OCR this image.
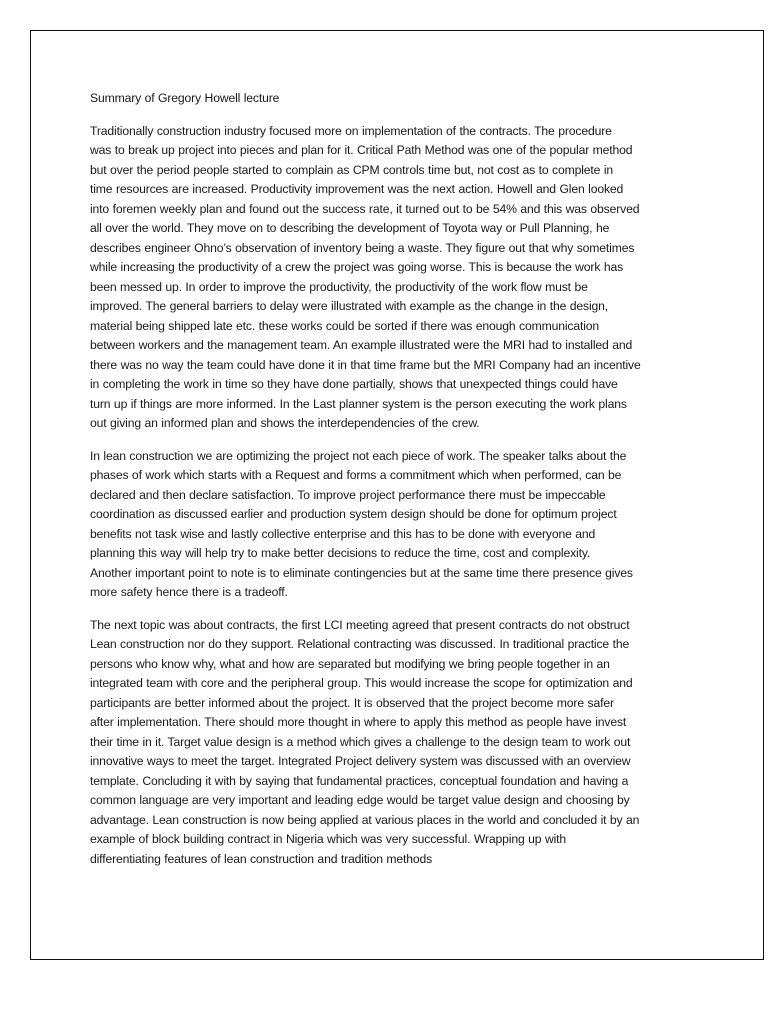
Summary of Gregory Howell lecture
Traditionally construction industry focused more on implementation of the contracts. The procedure
was to break up project into pieces and plan for it. Critical Path Method was one of the popular method
but over the period people started to complain as CPM controls time but, not cost as to complete in
time resources are increased. Productivity improvement was the next action. Howell and Glen looked
into foremen weekly plan and found out the success rate, it turned out to be 54% and this was observed
all over the world. They move on to describing the development of Toyota way or Pull Planning, he
describes engineer Ohno’s observation of inventory being a waste. They figure out that why sometimes
while increasing the productivity of a crew the project was going worse. This is because the work has
been messed up. In order to improve the productivity, the productivity of the work flow must be
improved. The general barriers to delay were illustrated with example as the change in the design,
material being shipped late etc. these works could be sorted if there was enough communication
between workers and the management team. An example illustrated were the MRI had to installed and
there was no way the team could have done it in that time frame but the MRI Company had an incentive
in completing the work in time so they have done partially, shows that unexpected things could have
turn up if things are more informed. In the Last planner system is the person executing the work plans
out giving an informed plan and shows the interdependencies of the crew.
In lean construction we are optimizing the project not each piece of work. The speaker talks about the
phases of work which starts with a Request and forms a commitment which when performed, can be
declared and then declare satisfaction. To improve project performance there must be impeccable
coordination as discussed earlier and production system design should be done for optimum project
benefits not task wise and lastly collective enterprise and this has to be done with everyone and
planning this way will help try to make better decisions to reduce the time, cost and complexity.
Another important point to note is to eliminate contingencies but at the same time there presence gives
more safety hence there is a tradeoff.
The next topic was about contracts, the first LCI meeting agreed that present contracts do not obstruct
Lean construction nor do they support. Relational contracting was discussed. In traditional practice the
persons who know why, what and how are separated but modifying we bring people together in an
integrated team with core and the peripheral group. This would increase the scope for optimization and
participants are better informed about the project. It is observed that the project become more safer
after implementation. There should more thought in where to apply this method as people have invest
their time in it. Target value design is a method which gives a challenge to the design team to work out
innovative ways to meet the target. Integrated Project delivery system was discussed with an overview
template. Concluding it with by saying that fundamental practices, conceptual foundation and having a
common language are very important and leading edge would be target value design and choosing by
advantage. Lean construction is now being applied at various places in the world and concluded it by an
example of block building contract in Nigeria which was very successful. Wrapping up with
differentiating features of lean construction and tradition methods
